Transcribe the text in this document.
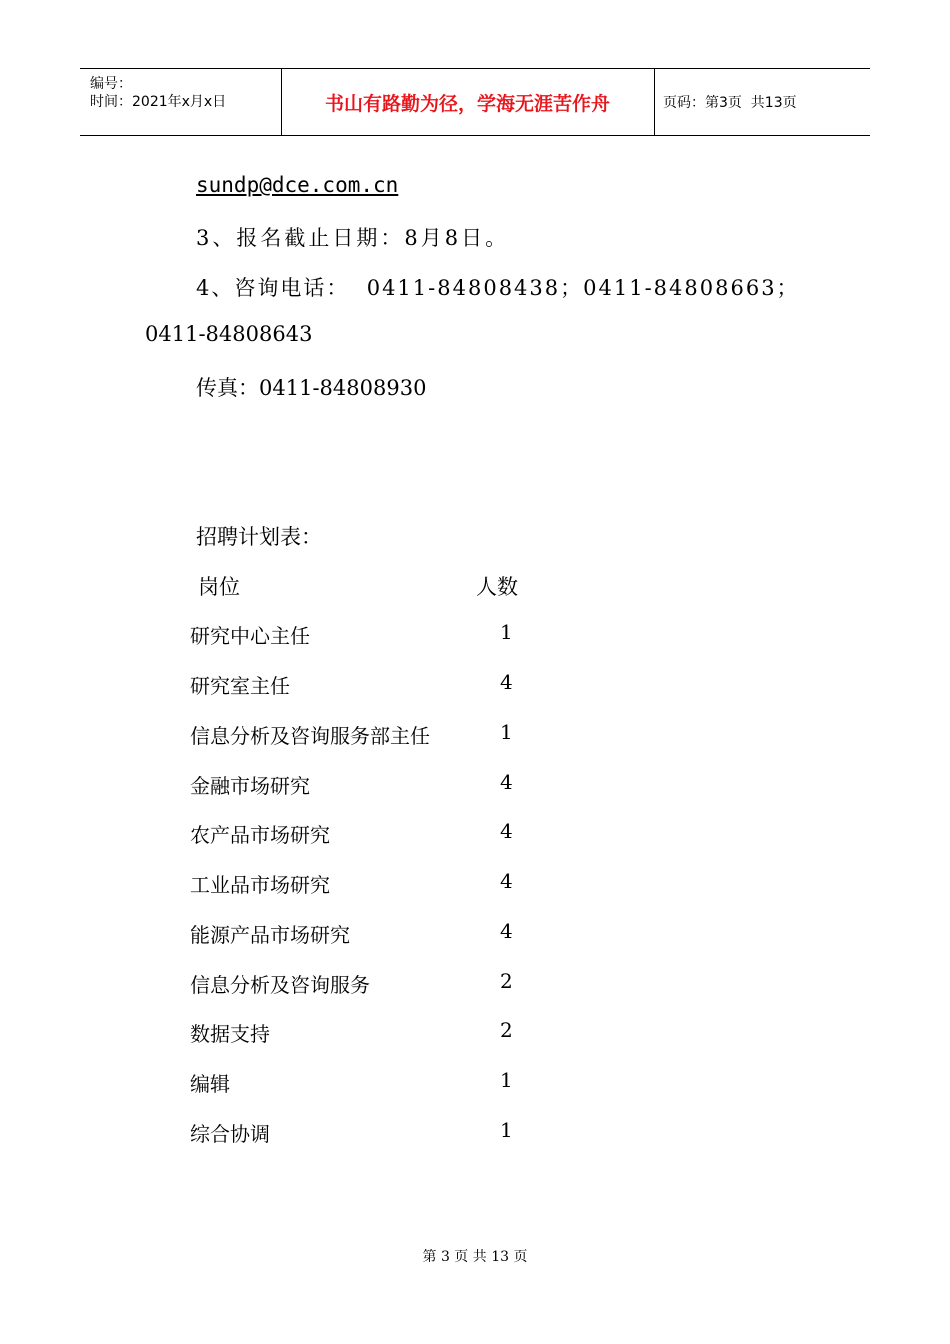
编号：
时间：2021年x月x日	书山有路勤为径，学海无涯苦作舟	页码：第3页  共13页
sundp@dce.com.cn
3、报名截止日期：8月8日。
4、咨询电话：  0411-84808438；0411-84808663；
0411-84808643
传真：0411-84808930
招聘计划表：
岗位	人数
研究中心主任	1
研究室主任	4
信息分析及咨询服务部主任	1
金融市场研究	4
农产品市场研究	4
工业品市场研究	4
能源产品市场研究	4
信息分析及咨询服务	2
数据支持	2
编辑	1
综合协调	1
第 3 页 共 13 页
